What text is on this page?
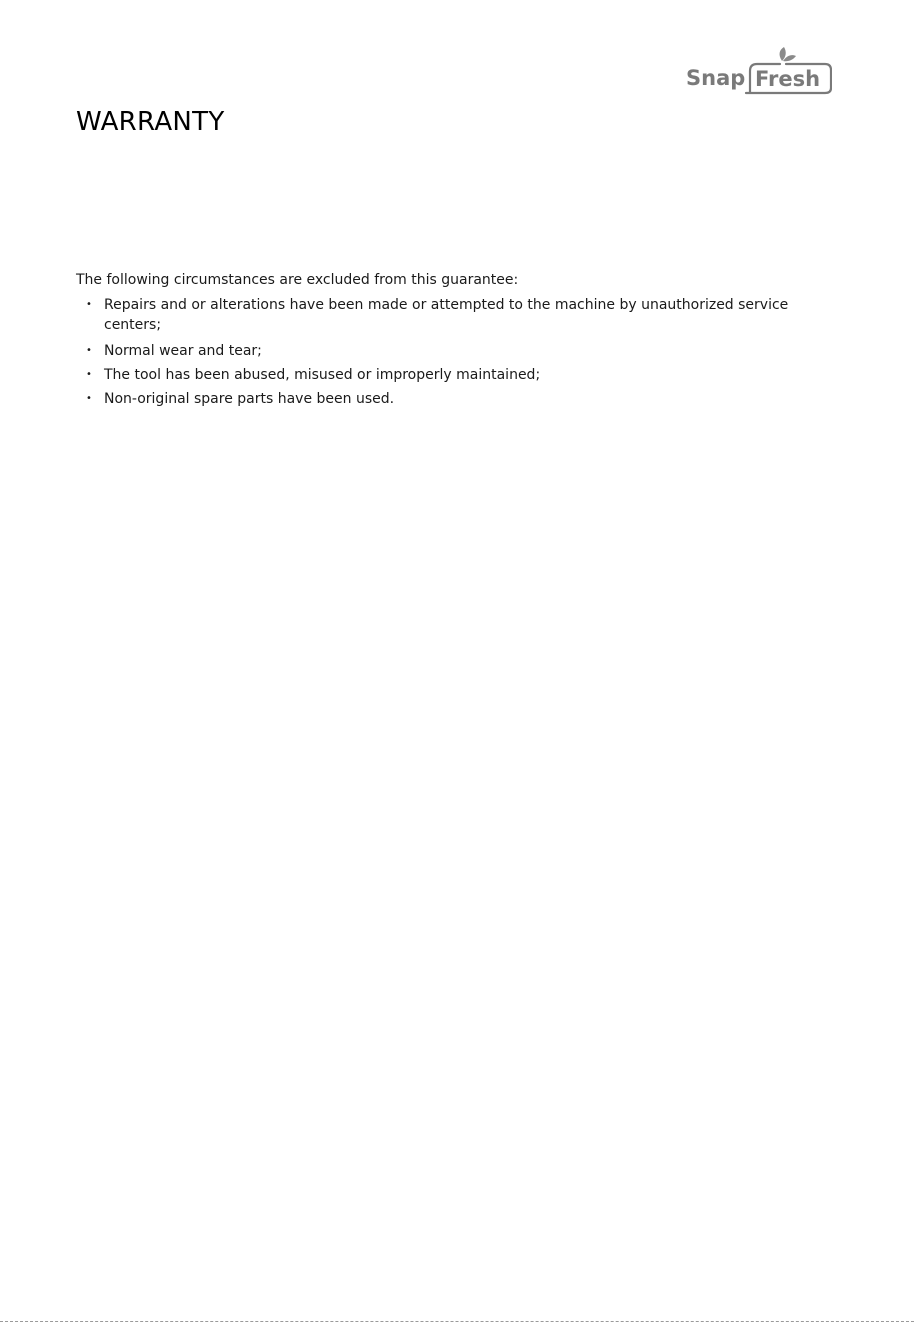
Snap Fresh
WARRANTY

The following circumstances are excluded from this guarantee:

• Repairs and or alterations have been made or attempted to the machine by unauthorized service centers;
• Normal wear and tear;
• The tool has been abused, misused or improperly maintained;
• Non-original spare parts have been used.
